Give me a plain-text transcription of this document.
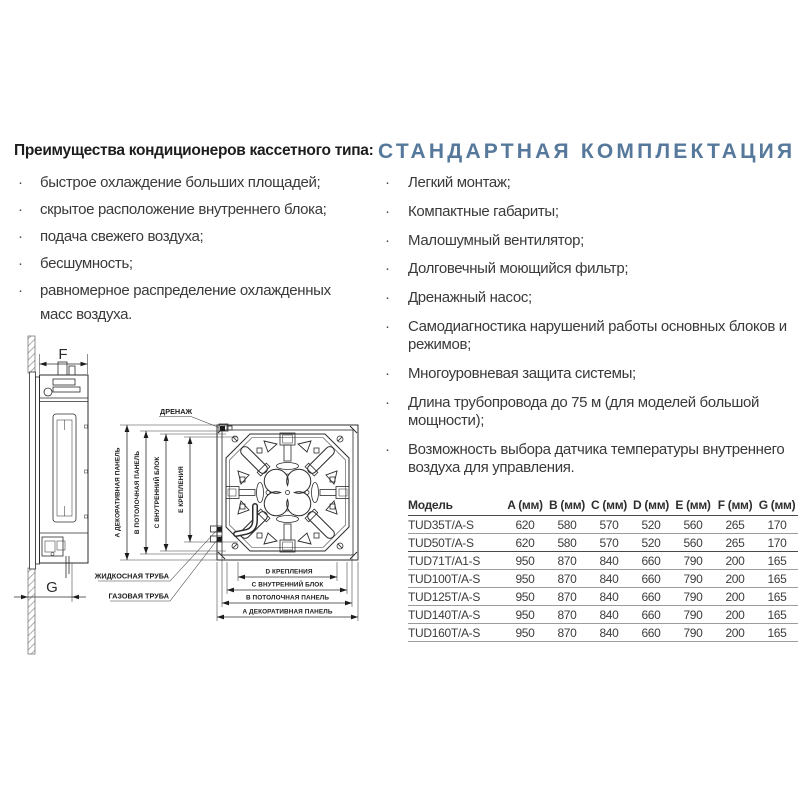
Преимущества кондиционеров кассетного типа:
·	быстрое охлаждение больших площадей;
·	скрытое расположение внутреннего блока;
·	подача свежего воздуха;
·	бесшумность;
·	равномерное распределение охлажденных масс воздуха.
СТАНДАРТНАЯ КОМПЛЕКТАЦИЯ
·	Легкий монтаж;
·	Компактные габариты;
·	Малошумный вентилятор;
·	Долговечный моющийся фильтр;
·	Дренажный насос;
·	Самодиагностика нарушений работы основных блоков и режимов;
·	Многоуровневая защита системы;
·	Длина трубопровода до 75 м (для моделей большой мощности);
·	Возможность выбора датчика температуры внутреннего воздуха для управления.
F
G
А ДЕКОРАТИВНАЯ ПАНЕЛЬ В ПОТОЛОЧНАЯ ПАНЕЛЬ	С ВНУТРЕННИЙ БЛОК	Е КРЕПЛЕНИЯ
D КРЕПЛЕНИЯ
С ВНУТРЕННИЙ БЛОК
В ПОТОЛОЧНАЯ ПАНЕЛЬ
А ДЕКОРАТИВНАЯ ПАНЕЛЬ
ДРЕНАЖ
ЖИДКОСНАЯ ТРУБА
ГАЗОВАЯ ТРУБА
Модель	A (мм)	B (мм)	C (мм)	D (мм)	E (мм)	F (мм)	G (мм)
TUD35T/A-S	620	580	570	520	560	265	170
TUD50T/A-S	620	580	570	520	560	265	170
TUD71T/A1-S	950	870	840	660	790	200	165
TUD100T/A-S	950	870	840	660	790	200	165
TUD125T/A-S	950	870	840	660	790	200	165
TUD140T/A-S	950	870	840	660	790	200	165
TUD160T/A-S	950	870	840	660	790	200	165
